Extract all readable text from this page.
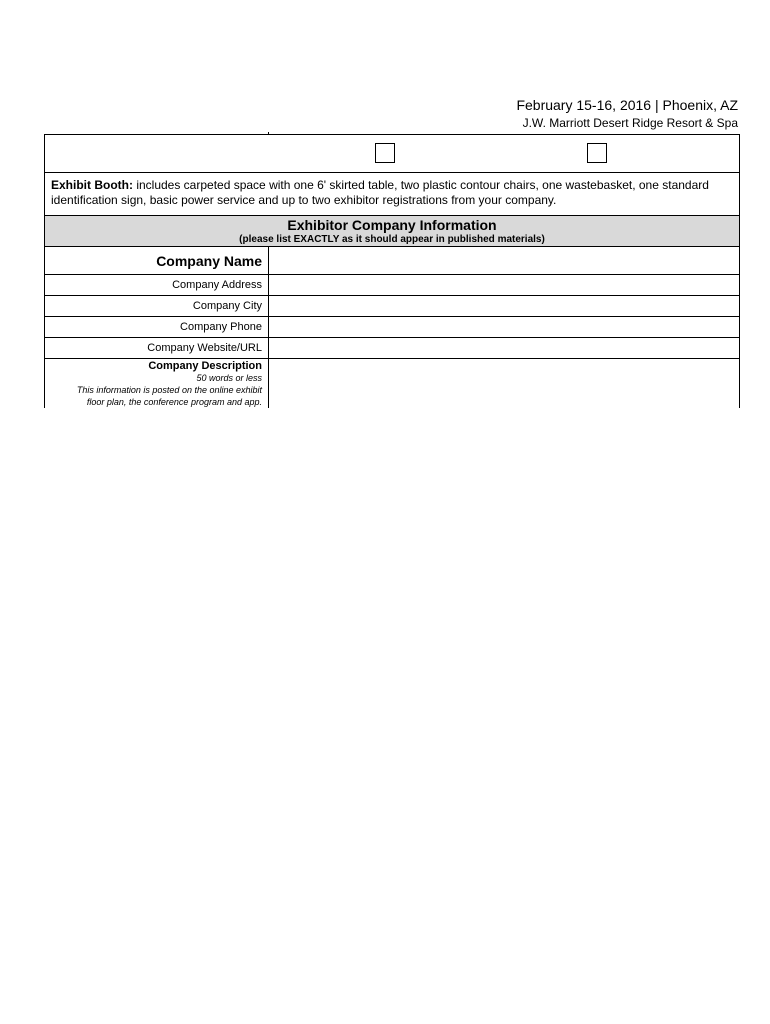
February 15-16, 2016 | Phoenix, AZ
J.W. Marriott Desert Ridge Resort & Spa
Exhibit Booth: includes carpeted space with one 6' skirted table, two plastic contour chairs, one wastebasket, one standard identification sign, basic power service and up to two exhibitor registrations from your company.
Exhibitor Company Information
(please list EXACTLY as it should appear in published materials)
Company Name
Company Address
Company City
Company Phone
Company Website/URL
Company Description
50 words or less
This information is posted on the online exhibit
floor plan, the conference program and app.
